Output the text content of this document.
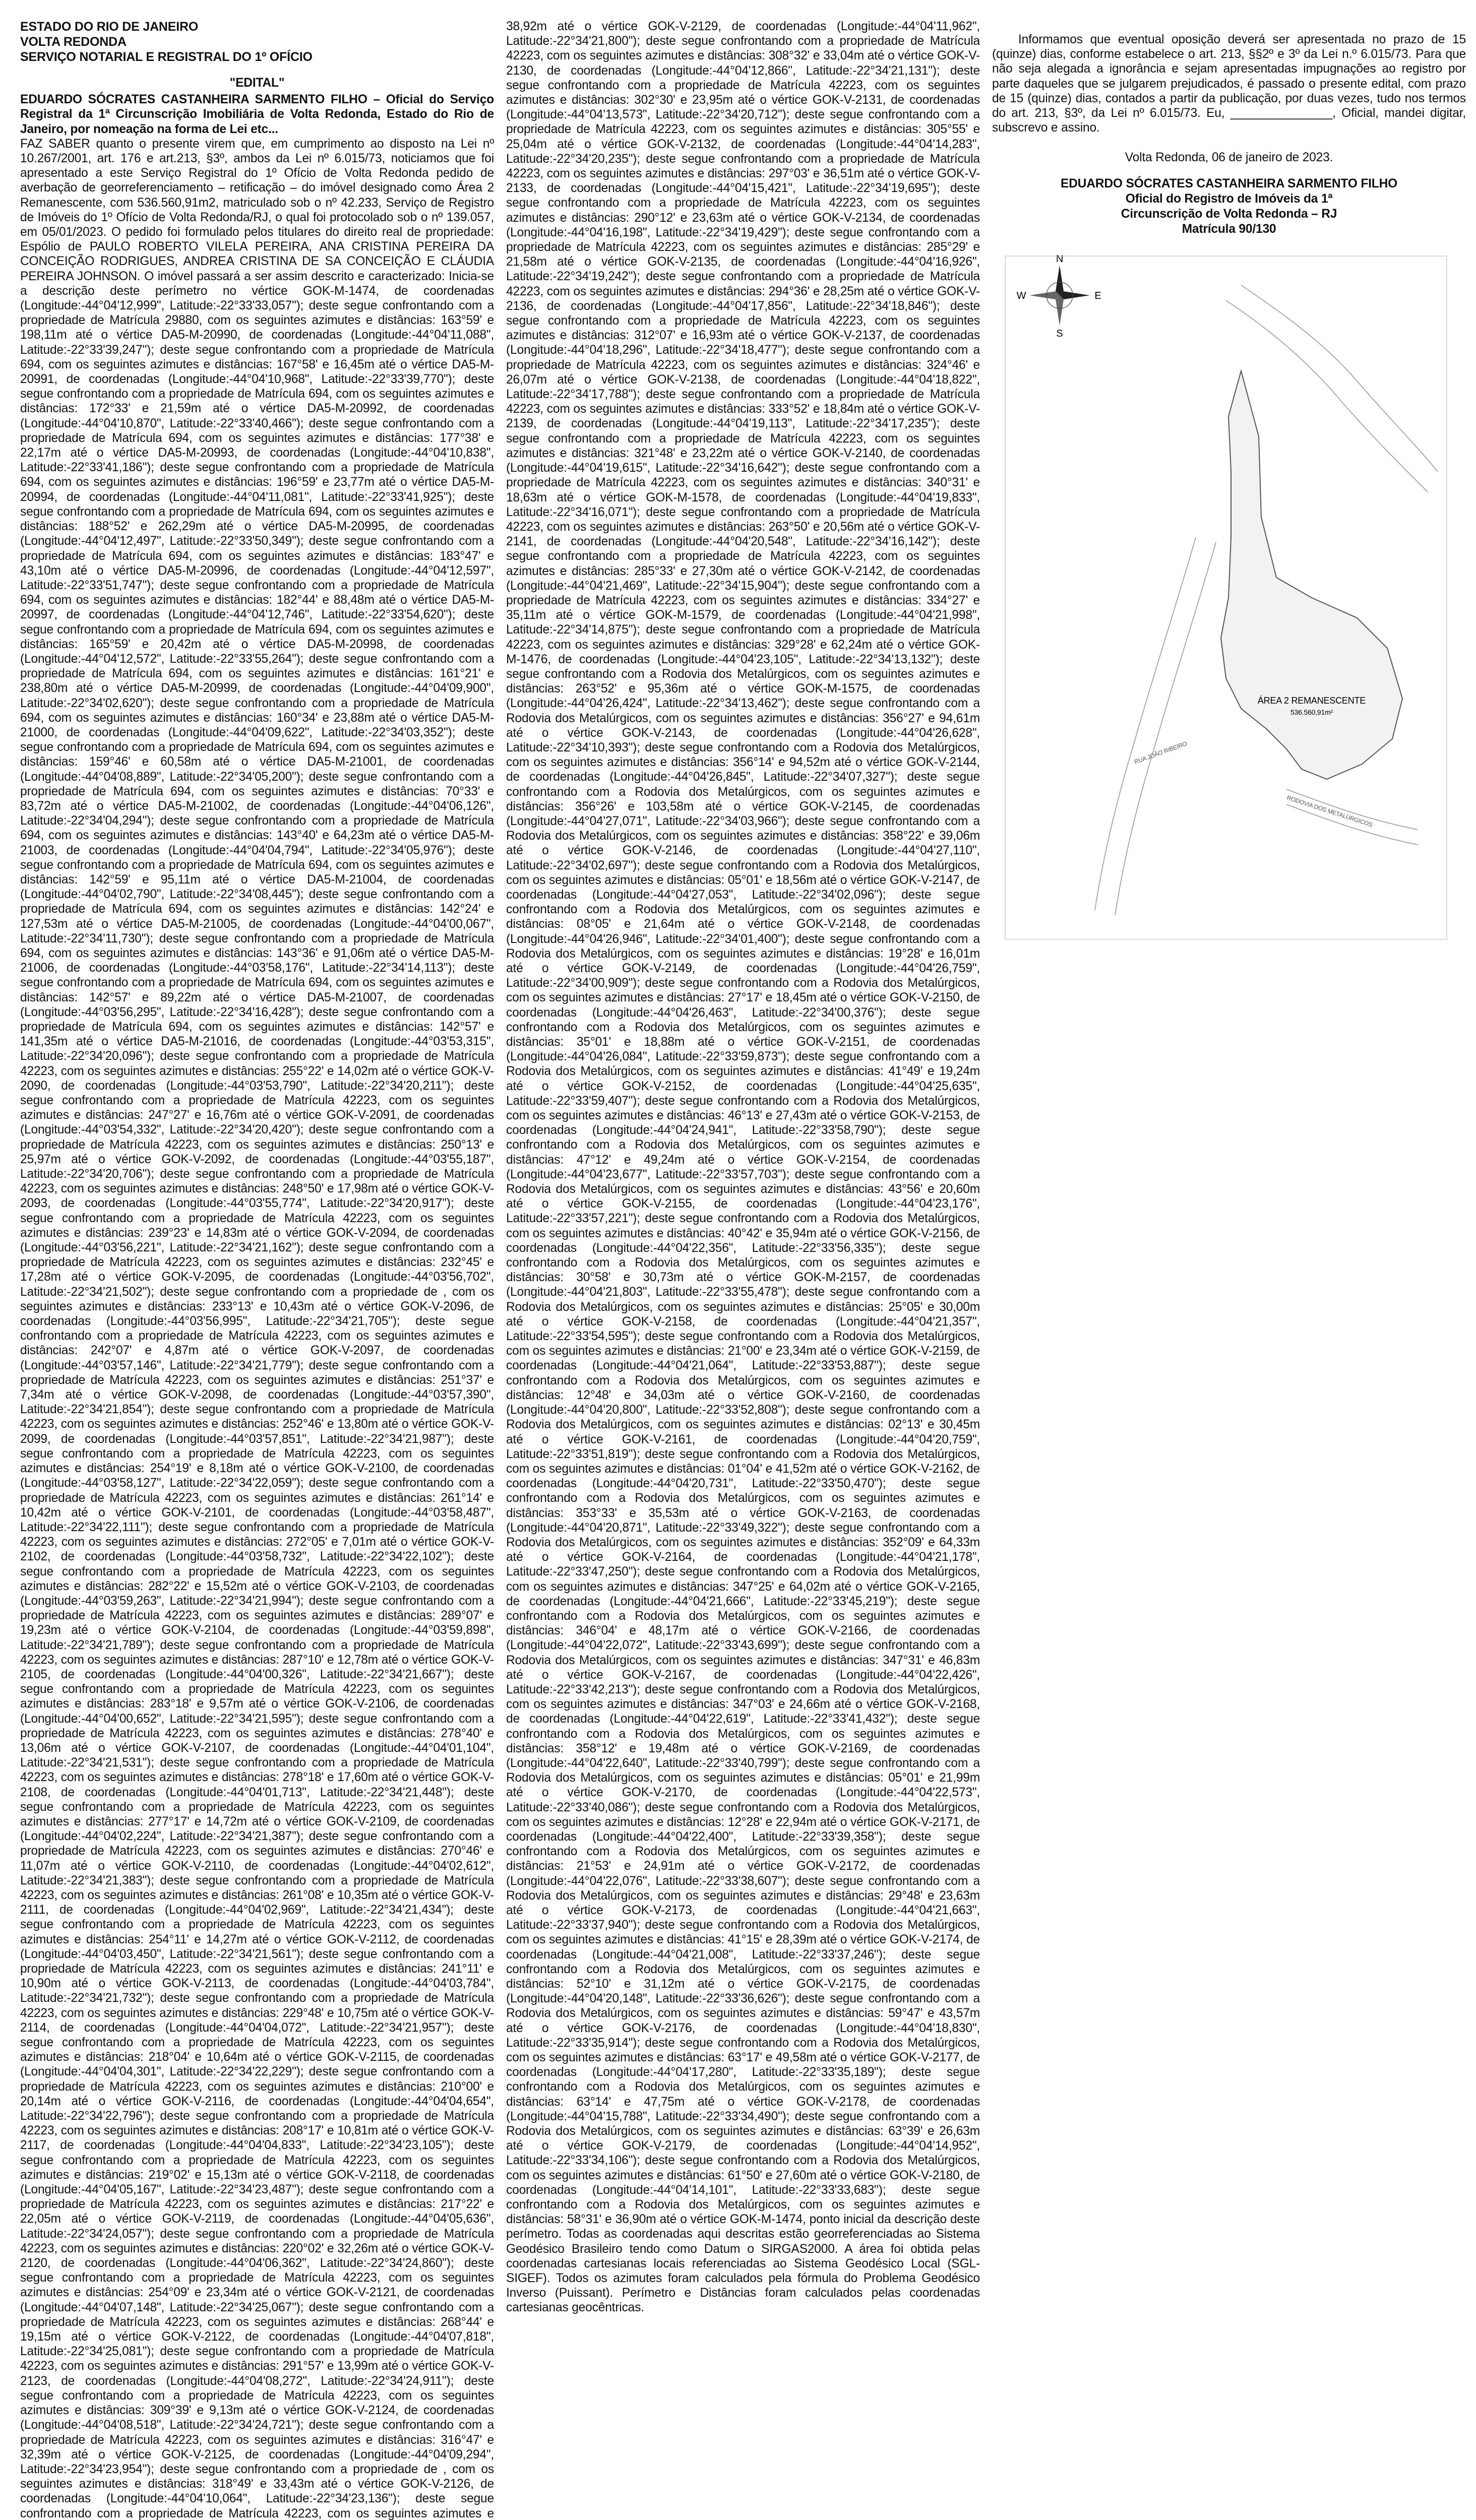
ESTADO DO RIO DE JANEIRO
VOLTA REDONDA
SERVIÇO NOTARIAL E REGISTRAL DO 1º OFÍCIO
"EDITAL"

EDUARDO SÓCRATES CASTANHEIRA SARMENTO FILHO – Oficial do Serviço Registral da 1ª Circunscrição Imobiliária de Volta Redonda, Estado do Rio de Janeiro, por nomeação na forma de Lei etc...

FAZ SABER quanto o presente virem que, em cumprimento ao disposto na Lei nº 10.267/2001, art. 176 e art.213, §3º, ambos da Lei nº 6.015/73, noticiamos que foi apresentado a este Serviço Registral do 1º Ofício de Volta Redonda pedido de averbação de georreferenciamento – retificação – do imóvel designado como Área 2 Remanescente, com 536.560,91m2, matriculado sob o nº 42.233, Serviço de Registro de Imóveis do 1º Ofício de Volta Redonda/RJ, o qual foi protocolado sob o nº 139.057, em 05/01/2023. O pedido foi formulado pelos titulares do direito real de propriedade: Espólio de PAULO ROBERTO VILELA PEREIRA, ANA CRISTINA PEREIRA DA CONCEIÇÃO RODRIGUES, ANDREA CRISTINA DE SA CONCEIÇÃO E CLÁUDIA PEREIRA JOHNSON. O imóvel passará a ser assim descrito e caracterizado: Inicia-se a descrição deste perímetro no vértice GOK-M-1474, de coordenadas (Longitude:-44°04'12,999", Latitude:-22°33'33,057"); deste segue confrontando com a propriedade de Matrícula 29880, com os seguintes azimutes e distâncias: 163°59' e 198,11m até o vértice DA5-M-20990, de coordenadas (Longitude:-44°04'11,088", Latitude:-22°33'39,247"); deste segue confrontando com a propriedade de Matrícula 694, com os seguintes azimutes e distâncias: 167°58' e 16,45m até o vértice DA5-M-20991, de coordenadas (Longitude:-44°04'10,968", Latitude:-22°33'39,770"); deste segue confrontando com a propriedade de Matrícula 694, com os seguintes azimutes e distâncias: 172°33' e 21,59m até o vértice DA5-M-20992, de coordenadas (Longitude:-44°04'10,870", Latitude:-22°33'40,466"); deste segue confrontando com a propriedade de Matrícula 694, com os seguintes azimutes e distâncias: 177°38' e 22,17m até o vértice DA5-M-20993, de coordenadas (Longitude:-44°04'10,838", Latitude:-22°33'41,186"); deste segue confrontando com a propriedade de Matrícula 694, com os seguintes azimutes e distâncias: 196°59' e 23,77m até o vértice DA5-M-20994, de coordenadas (Longitude:-44°04'11,081", Latitude:-22°33'41,925"); deste segue confrontando com a propriedade de Matrícula 694, com os seguintes azimutes e distâncias: 188°52' e 262,29m até o vértice DA5-M-20995, de coordenadas (Longitude:-44°04'12,497", Latitude:-22°33'50,349"); deste segue confrontando com a propriedade de Matrícula 694, com os seguintes azimutes e distâncias: 183°47' e 43,10m até o vértice DA5-M-20996, de coordenadas (Longitude:-44°04'12,597", Latitude:-22°33'51,747"); deste segue confrontando com a propriedade de Matrícula 694, com os seguintes azimutes e distâncias: 182°44' e 88,48m até o vértice DA5-M-20997, de coordenadas (Longitude:-44°04'12,746", Latitude:-22°33'54,620"); deste segue confrontando com a propriedade de Matrícula 694, com os seguintes azimutes e distâncias: 165°59' e 20,42m até o vértice DA5-M-20998, de coordenadas (Longitude:-44°04'12,572", Latitude:-22°33'55,264"); deste segue confrontando com a propriedade de Matrícula 694, com os seguintes azimutes e distâncias: 161°21' e 238,80m até o vértice DA5-M-20999, de coordenadas (Longitude:-44°04'09,900", Latitude:-22°34'02,620"); deste segue confrontando com a propriedade de Matrícula 694, com os seguintes azimutes e distâncias: 160°34' e 23,88m até o vértice DA5-M-21000, de coordenadas (Longitude:-44°04'09,622", Latitude:-22°34'03,352"); deste segue confrontando com a propriedade de Matrícula 694, com os seguintes azimutes e distâncias: 159°46' e 60,58m até o vértice DA5-M-21001, de coordenadas (Longitude:-44°04'08,889", Latitude:-22°34'05,200"); deste segue confrontando com a propriedade de Matrícula 694, com os seguintes azimutes e distâncias: 70°33' e 83,72m até o vértice DA5-M-21002, de coordenadas (Longitude:-44°04'06,126", Latitude:-22°34'04,294"); deste segue confrontando com a propriedade de Matrícula 694, com os seguintes azimutes e distâncias: 143°40' e 64,23m até o vértice DA5-M-21003, de coordenadas (Longitude:-44°04'04,794", Latitude:-22°34'05,976"); deste segue confrontando com a propriedade de Matrícula 694, com os seguintes azimutes e distâncias: 142°59' e 95,11m até o vértice DA5-M-21004, de coordenadas (Longitude:-44°04'02,790", Latitude:-22°34'08,445"); deste segue confrontando com a propriedade de Matrícula 694, com os seguintes azimutes e distâncias: 142°24' e 127,53m até o vértice DA5-M-21005, de coordenadas (Longitude:-44°04'00,067", Latitude:-22°34'11,730"); deste segue confrontando com a propriedade de Matrícula 694, com os seguintes azimutes e distâncias: 143°36' e 91,06m até o vértice DA5-M-21006, de coordenadas (Longitude:-44°03'58,176", Latitude:-22°34'14,113"); deste segue confrontando com a propriedade de Matrícula 694, com os seguintes azimutes e distâncias: 142°57' e 89,22m até o vértice DA5-M-21007, de coordenadas (Longitude:-44°03'56,295", Latitude:-22°34'16,428"); deste segue confrontando com a propriedade de Matrícula 694, com os seguintes azimutes e distâncias: 142°57' e 141,35m até o vértice DA5-M-21016, de coordenadas (Longitude:-44°03'53,315", Latitude:-22°34'20,096"); deste segue confrontando com a propriedade de Matrícula 42223, com os seguintes azimutes e distâncias: 255°22' e 14,02m até o vértice GOK-V-2090, de coordenadas (Longitude:-44°03'53,790", Latitude:-22°34'20,211"); deste segue confrontando com a propriedade de Matrícula 42223, com os seguintes azimutes e distâncias: 247°27' e 16,76m até o vértice GOK-V-2091, de coordenadas (Longitude:-44°03'54,332", Latitude:-22°34'20,420"); deste segue confrontando com a propriedade de Matrícula 42223, com os seguintes azimutes e distâncias: 250°13' e 25,97m até o vértice GOK-V-2092, de coordenadas (Longitude:-44°03'55,187", Latitude:-22°34'20,706"); deste segue confrontando com a propriedade de Matrícula 42223, com os seguintes azimutes e distâncias: 248°50' e 17,98m até o vértice GOK-V-2093, de coordenadas (Longitude:-44°03'55,774", Latitude:-22°34'20,917"); deste segue confrontando com a propriedade de Matrícula 42223, com os seguintes azimutes e distâncias: 239°23' e 14,83m até o vértice GOK-V-2094, de coordenadas (Longitude:-44°03'56,221", Latitude:-22°34'21,162"); deste segue confrontando com a propriedade de Matrícula 42223, com os seguintes azimutes e distâncias: 232°45' e 17,28m até o vértice GOK-V-2095, de coordenadas (Longitude:-44°03'56,702", Latitude:-22°34'21,502"); deste segue confrontando com a propriedade de , com os seguintes azimutes e distâncias: 233°13' e 10,43m até o vértice GOK-V-2096, de coordenadas (Longitude:-44°03'56,995", Latitude:-22°34'21,705"); deste segue confrontando com a propriedade de Matrícula 42223, com os seguintes azimutes e distâncias: 242°07' e 4,87m até o vértice GOK-V-2097, de coordenadas (Longitude:-44°03'57,146", Latitude:-22°34'21,779"); deste segue confrontando com a propriedade de Matrícula 42223, com os seguintes azimutes e distâncias: 251°37' e 7,34m até o vértice GOK-V-2098, de coordenadas (Longitude:-44°03'57,390", Latitude:-22°34'21,854"); deste segue confrontando com a propriedade de Matrícula 42223, com os seguintes azimutes e distâncias: 252°46' e 13,80m até o vértice GOK-V-2099, de coordenadas (Longitude:-44°03'57,851", Latitude:-22°34'21,987"); deste segue confrontando com a propriedade de Matrícula 42223, com os seguintes azimutes e distâncias: 254°19' e 8,18m até o vértice GOK-V-2100, de coordenadas (Longitude:-44°03'58,127", Latitude:-22°34'22,059"); deste segue confrontando com a propriedade de Matrícula 42223, com os seguintes azimutes e distâncias: 261°14' e 10,42m até o vértice GOK-V-2101, de coordenadas (Longitude:-44°03'58,487", Latitude:-22°34'22,111"); deste segue confrontando com a propriedade de Matrícula 42223, com os seguintes azimutes e distâncias: 272°05' e 7,01m até o vértice GOK-V-2102, de coordenadas (Longitude:-44°03'58,732", Latitude:-22°34'22,102"); deste segue confrontando com a propriedade de Matrícula 42223, com os seguintes azimutes e distâncias: 282°22' e 15,52m até o vértice GOK-V-2103, de coordenadas (Longitude:-44°03'59,263", Latitude:-22°34'21,994"); deste segue confrontando com a propriedade de Matrícula 42223, com os seguintes azimutes e distâncias: 289°07' e 19,23m até o vértice GOK-V-2104, de coordenadas (Longitude:-44°03'59,898", Latitude:-22°34'21,789"); deste segue confrontando com a propriedade de Matrícula 42223, com os seguintes azimutes e distâncias: 287°10' e 12,78m até o vértice GOK-V-2105, de coordenadas (Longitude:-44°04'00,326", Latitude:-22°34'21,667"); deste segue confrontando com a propriedade de Matrícula 42223, com os seguintes azimutes e distâncias: 283°18' e 9,57m até o vértice GOK-V-2106, de coordenadas (Longitude:-44°04'00,652", Latitude:-22°34'21,595"); deste segue confrontando com a propriedade de Matrícula 42223, com os seguintes azimutes e distâncias: 278°40' e 13,06m até o vértice GOK-V-2107, de coordenadas (Longitude:-44°04'01,104", Latitude:-22°34'21,531"); deste segue confrontando com a propriedade de Matrícula 42223, com os seguintes azimutes e distâncias: 278°18' e 17,60m até o vértice GOK-V-2108, de coordenadas (Longitude:-44°04'01,713", Latitude:-22°34'21,448"); deste segue confrontando com a propriedade de Matrícula 42223, com os seguintes azimutes e distâncias: 277°17' e 14,72m até o vértice GOK-V-2109, de coordenadas (Longitude:-44°04'02,224", Latitude:-22°34'21,387"); deste segue confrontando com a propriedade de Matrícula 42223, com os seguintes azimutes e distâncias: 270°46' e 11,07m até o vértice GOK-V-2110, de coordenadas (Longitude:-44°04'02,612", Latitude:-22°34'21,383"); deste segue confrontando com a propriedade de Matrícula 42223, com os seguintes azimutes e distâncias: 261°08' e 10,35m até o vértice GOK-V-2111, de coordenadas (Longitude:-44°04'02,969", Latitude:-22°34'21,434"); deste segue confrontando com a propriedade de Matrícula 42223, com os seguintes azimutes e distâncias: 254°11' e 14,27m até o vértice GOK-V-2112, de coordenadas (Longitude:-44°04'03,450", Latitude:-22°34'21,561"); deste segue confrontando com a propriedade de Matrícula 42223, com os seguintes azimutes e distâncias: 241°11' e 10,90m até o vértice GOK-V-2113, de coordenadas (Longitude:-44°04'03,784", Latitude:-22°34'21,732"); deste segue confrontando com a propriedade de Matrícula 42223, com os seguintes azimutes e distâncias: 229°48' e 10,75m até o vértice GOK-V-2114, de coordenadas (Longitude:-44°04'04,072", Latitude:-22°34'21,957"); deste segue confrontando com a propriedade de Matrícula 42223, com os seguintes azimutes e distâncias: 218°04' e 10,64m até o vértice GOK-V-2115, de coordenadas (Longitude:-44°04'04,301", Latitude:-22°34'22,229"); deste segue confrontando com a propriedade de Matrícula 42223, com os seguintes azimutes e distâncias: 210°00' e 20,14m até o vértice GOK-V-2116, de coordenadas (Longitude:-44°04'04,654", Latitude:-22°34'22,796"); deste segue confrontando com a propriedade de Matrícula 42223, com os seguintes azimutes e distâncias: 208°17' e 10,81m até o vértice GOK-V-2117, de coordenadas (Longitude:-44°04'04,833", Latitude:-22°34'23,105"); deste segue confrontando com a propriedade de Matrícula 42223, com os seguintes azimutes e distâncias: 219°02' e 15,13m até o vértice GOK-V-2118, de coordenadas (Longitude:-44°04'05,167", Latitude:-22°34'23,487"); deste segue confrontando com a propriedade de Matrícula 42223, com os seguintes azimutes e distâncias: 217°22' e 22,05m até o vértice GOK-V-2119, de coordenadas (Longitude:-44°04'05,636", Latitude:-22°34'24,057"); deste segue confrontando com a propriedade de Matrícula 42223, com os seguintes azimutes e distâncias: 220°02' e 32,26m até o vértice GOK-V-2120, de coordenadas (Longitude:-44°04'06,362", Latitude:-22°34'24,860"); deste segue confrontando com a propriedade de Matrícula 42223, com os seguintes azimutes e distâncias: 254°09' e 23,34m até o vértice GOK-V-2121, de coordenadas (Longitude:-44°04'07,148", Latitude:-22°34'25,067"); deste segue confrontando com a propriedade de Matrícula 42223, com os seguintes azimutes e distâncias: 268°44' e 19,15m até o vértice GOK-V-2122, de coordenadas (Longitude:-44°04'07,818", Latitude:-22°34'25,081"); deste segue confrontando com a propriedade de Matrícula 42223, com os seguintes azimutes e distâncias: 291°57' e 13,99m até o vértice GOK-V-2123, de coordenadas (Longitude:-44°04'08,272", Latitude:-22°34'24,911"); deste segue confrontando com a propriedade de Matrícula 42223, com os seguintes azimutes e distâncias: 309°39' e 9,13m até o vértice GOK-V-2124, de coordenadas (Longitude:-44°04'08,518", Latitude:-22°34'24,721"); deste segue confrontando com a propriedade de Matrícula 42223, com os seguintes azimutes e distâncias: 316°47' e 32,39m até o vértice GOK-V-2125, de coordenadas (Longitude:-44°04'09,294", Latitude:-22°34'23,954"); deste segue confrontando com a propriedade de , com os seguintes azimutes e distâncias: 318°49' e 33,43m até o vértice GOK-V-2126, de coordenadas (Longitude:-44°04'10,064", Latitude:-22°34'23,136"); deste segue confrontando com a propriedade de Matrícula 42223, com os seguintes azimutes e

38,92m até o vértice GOK-V-2129, de coordenadas (Longitude:-44°04'11,962", Latitude:-22°34'21,800"); deste segue confrontando com a propriedade de Matrícula 42223, com os seguintes azimutes e distâncias: 308°32' e 33,04m até o vértice GOK-V-2130, de coordenadas (Longitude:-44°04'12,866", Latitude:-22°34'21,131"); deste segue confrontando com a propriedade de Matrícula 42223, com os seguintes azimutes e distâncias: 302°30' e 23,95m até o vértice GOK-V-2131, de coordenadas (Longitude:-44°04'13,573", Latitude:-22°34'20,712"); deste segue confrontando com a propriedade de Matrícula 42223, com os seguintes azimutes e distâncias: 305°55' e 25,04m até o vértice GOK-V-2132, de coordenadas (Longitude:-44°04'14,283", Latitude:-22°34'20,235"); deste segue confrontando com a propriedade de Matrícula 42223, com os seguintes azimutes e distâncias: 297°03' e 36,51m até o vértice GOK-V-2133, de coordenadas (Longitude:-44°04'15,421", Latitude:-22°34'19,695"); deste segue confrontando com a propriedade de Matrícula 42223, com os seguintes azimutes e distâncias: 290°12' e 23,63m até o vértice GOK-V-2134, de coordenadas (Longitude:-44°04'16,198", Latitude:-22°34'19,429"); deste segue confrontando com a propriedade de Matrícula 42223, com os seguintes azimutes e distâncias: 285°29' e 21,58m até o vértice GOK-V-2135, de coordenadas (Longitude:-44°04'16,926", Latitude:-22°34'19,242"); deste segue confrontando com a propriedade de Matrícula 42223, com os seguintes azimutes e distâncias: 294°36' e 28,25m até o vértice GOK-V-2136, de coordenadas (Longitude:-44°04'17,856", Latitude:-22°34'18,846"); deste segue confrontando com a propriedade de Matrícula 42223, com os seguintes azimutes e distâncias: 312°07' e 16,93m até o vértice GOK-V-2137, de coordenadas (Longitude:-44°04'18,296", Latitude:-22°34'18,477"); deste segue confrontando com a propriedade de Matrícula 42223, com os seguintes azimutes e distâncias: 324°46' e 26,07m até o vértice GOK-V-2138, de coordenadas (Longitude:-44°04'18,822", Latitude:-22°34'17,788"); deste segue confrontando com a propriedade de Matrícula 42223, com os seguintes azimutes e distâncias: 333°52' e 18,84m até o vértice GOK-V-2139, de coordenadas (Longitude:-44°04'19,113", Latitude:-22°34'17,235"); deste segue confrontando com a propriedade de Matrícula 42223, com os seguintes azimutes e distâncias: 321°48' e 23,22m até o vértice GOK-V-2140, de coordenadas (Longitude:-44°04'19,615", Latitude:-22°34'16,642"); deste segue confrontando com a propriedade de Matrícula 42223, com os seguintes azimutes e distâncias: 340°31' e 18,63m até o vértice GOK-M-1578, de coordenadas (Longitude:-44°04'19,833", Latitude:-22°34'16,071"); deste segue confrontando com a propriedade de Matrícula 42223, com os seguintes azimutes e distâncias: 263°50' e 20,56m até o vértice GOK-V-2141, de coordenadas (Longitude:-44°04'20,548", Latitude:-22°34'16,142"); deste segue confrontando com a propriedade de Matrícula 42223, com os seguintes azimutes e distâncias: 285°33' e 27,30m até o vértice GOK-V-2142, de coordenadas (Longitude:-44°04'21,469", Latitude:-22°34'15,904"); deste segue confrontando com a propriedade de Matrícula 42223, com os seguintes azimutes e distâncias: 334°27' e 35,11m até o vértice GOK-M-1579, de coordenadas (Longitude:-44°04'21,998", Latitude:-22°34'14,875"); deste segue confrontando com a propriedade de Matrícula 42223, com os seguintes azimutes e distâncias: 329°28' e 62,24m até o vértice GOK-M-1476, de coordenadas (Longitude:-44°04'23,105", Latitude:-22°34'13,132"); deste segue confrontando com a Rodovia dos Metalúrgicos, com os seguintes azimutes e distâncias: 263°52' e 95,36m até o vértice GOK-M-1575, de coordenadas (Longitude:-44°04'26,424", Latitude:-22°34'13,462"); deste segue confrontando com a Rodovia dos Metalúrgicos, com os seguintes azimutes e distâncias: 356°27' e 94,61m até o vértice GOK-V-2143, de coordenadas (Longitude:-44°04'26,628", Latitude:-22°34'10,393"); deste segue confrontando com a Rodovia dos Metalúrgicos, com os seguintes azimutes e distâncias: 356°14' e 94,52m até o vértice GOK-V-2144, de coordenadas (Longitude:-44°04'26,845", Latitude:-22°34'07,327"); deste segue confrontando com a Rodovia dos Metalúrgicos, com os seguintes azimutes e distâncias: 356°26' e 103,58m até o vértice GOK-V-2145, de coordenadas (Longitude:-44°04'27,071", Latitude:-22°34'03,966"); deste segue confrontando com a Rodovia dos Metalúrgicos, com os seguintes azimutes e distâncias: 358°22' e 39,06m até o vértice GOK-V-2146, de coordenadas (Longitude:-44°04'27,110", Latitude:-22°34'02,697"); deste segue confrontando com a Rodovia dos Metalúrgicos, com os seguintes azimutes e distâncias: 05°01' e 18,56m até o vértice GOK-V-2147, de coordenadas (Longitude:-44°04'27,053", Latitude:-22°34'02,096"); deste segue confrontando com a Rodovia dos Metalúrgicos, com os seguintes azimutes e distâncias: 08°05' e 21,64m até o vértice GOK-V-2148, de coordenadas (Longitude:-44°04'26,946", Latitude:-22°34'01,400"); deste segue confrontando com a Rodovia dos Metalúrgicos, com os seguintes azimutes e distâncias: 19°28' e 16,01m até o vértice GOK-V-2149, de coordenadas (Longitude:-44°04'26,759", Latitude:-22°34'00,909"); deste segue confrontando com a Rodovia dos Metalúrgicos, com os seguintes azimutes e distâncias: 27°17' e 18,45m até o vértice GOK-V-2150, de coordenadas (Longitude:-44°04'26,463", Latitude:-22°34'00,376"); deste segue confrontando com a Rodovia dos Metalúrgicos, com os seguintes azimutes e distâncias: 35°01' e 18,88m até o vértice GOK-V-2151, de coordenadas (Longitude:-44°04'26,084", Latitude:-22°33'59,873"); deste segue confrontando com a Rodovia dos Metalúrgicos, com os seguintes azimutes e distâncias: 41°49' e 19,24m até o vértice GOK-V-2152, de coordenadas (Longitude:-44°04'25,635", Latitude:-22°33'59,407"); deste segue confrontando com a Rodovia dos Metalúrgicos, com os seguintes azimutes e distâncias: 46°13' e 27,43m até o vértice GOK-V-2153, de coordenadas (Longitude:-44°04'24,941", Latitude:-22°33'58,790"); deste segue confrontando com a Rodovia dos Metalúrgicos, com os seguintes azimutes e distâncias: 47°12' e 49,24m até o vértice GOK-V-2154, de coordenadas (Longitude:-44°04'23,677", Latitude:-22°33'57,703"); deste segue confrontando com a Rodovia dos Metalúrgicos, com os seguintes azimutes e distâncias: 43°56' e 20,60m até o vértice GOK-V-2155, de coordenadas (Longitude:-44°04'23,176", Latitude:-22°33'57,221"); deste segue confrontando com a Rodovia dos Metalúrgicos, com os seguintes azimutes e distâncias: 40°42' e 35,94m até o vértice GOK-V-2156, de coordenadas (Longitude:-44°04'22,356", Latitude:-22°33'56,335"); deste segue confrontando com a Rodovia dos Metalúrgicos, com os seguintes azimutes e distâncias: 30°58' e 30,73m até o vértice GOK-M-2157, de coordenadas (Longitude:-44°04'21,803", Latitude:-22°33'55,478"); deste segue confrontando com a Rodovia dos Metalúrgicos, com os seguintes azimutes e distâncias: 25°05' e 30,00m até o vértice GOK-V-2158, de coordenadas (Longitude:-44°04'21,357", Latitude:-22°33'54,595"); deste segue confrontando com a Rodovia dos Metalúrgicos, com os seguintes azimutes e distâncias: 21°00' e 23,34m até o vértice GOK-V-2159, de coordenadas (Longitude:-44°04'21,064", Latitude:-22°33'53,887"); deste segue confrontando com a Rodovia dos Metalúrgicos, com os seguintes azimutes e distâncias: 12°48' e 34,03m até o vértice GOK-V-2160, de coordenadas (Longitude:-44°04'20,800", Latitude:-22°33'52,808"); deste segue confrontando com a Rodovia dos Metalúrgicos, com os seguintes azimutes e distâncias: 02°13' e 30,45m até o vértice GOK-V-2161, de coordenadas (Longitude:-44°04'20,759", Latitude:-22°33'51,819"); deste segue confrontando com a Rodovia dos Metalúrgicos, com os seguintes azimutes e distâncias: 01°04' e 41,52m até o vértice GOK-V-2162, de coordenadas (Longitude:-44°04'20,731", Latitude:-22°33'50,470"); deste segue confrontando com a Rodovia dos Metalúrgicos, com os seguintes azimutes e distâncias: 353°33' e 35,53m até o vértice GOK-V-2163, de coordenadas (Longitude:-44°04'20,871", Latitude:-22°33'49,322"); deste segue confrontando com a Rodovia dos Metalúrgicos, com os seguintes azimutes e distâncias: 352°09' e 64,33m até o vértice GOK-V-2164, de coordenadas (Longitude:-44°04'21,178", Latitude:-22°33'47,250"); deste segue confrontando com a Rodovia dos Metalúrgicos, com os seguintes azimutes e distâncias: 347°25' e 64,02m até o vértice GOK-V-2165, de coordenadas (Longitude:-44°04'21,666", Latitude:-22°33'45,219"); deste segue confrontando com a Rodovia dos Metalúrgicos, com os seguintes azimutes e distâncias: 346°04' e 48,17m até o vértice GOK-V-2166, de coordenadas (Longitude:-44°04'22,072", Latitude:-22°33'43,699"); deste segue confrontando com a Rodovia dos Metalúrgicos, com os seguintes azimutes e distâncias: 347°31' e 46,83m até o vértice GOK-V-2167, de coordenadas (Longitude:-44°04'22,426", Latitude:-22°33'42,213"); deste segue confrontando com a Rodovia dos Metalúrgicos, com os seguintes azimutes e distâncias: 347°03' e 24,66m até o vértice GOK-V-2168, de coordenadas (Longitude:-44°04'22,619", Latitude:-22°33'41,432"); deste segue confrontando com a Rodovia dos Metalúrgicos, com os seguintes azimutes e distâncias: 358°12' e 19,48m até o vértice GOK-V-2169, de coordenadas (Longitude:-44°04'22,640", Latitude:-22°33'40,799"); deste segue confrontando com a Rodovia dos Metalúrgicos, com os seguintes azimutes e distâncias: 05°01' e 21,99m até o vértice GOK-V-2170, de coordenadas (Longitude:-44°04'22,573", Latitude:-22°33'40,086"); deste segue confrontando com a Rodovia dos Metalúrgicos, com os seguintes azimutes e distâncias: 12°28' e 22,94m até o vértice GOK-V-2171, de coordenadas (Longitude:-44°04'22,400", Latitude:-22°33'39,358"); deste segue confrontando com a Rodovia dos Metalúrgicos, com os seguintes azimutes e distâncias: 21°53' e 24,91m até o vértice GOK-V-2172, de coordenadas (Longitude:-44°04'22,076", Latitude:-22°33'38,607"); deste segue confrontando com a Rodovia dos Metalúrgicos, com os seguintes azimutes e distâncias: 29°48' e 23,63m até o vértice GOK-V-2173, de coordenadas (Longitude:-44°04'21,663", Latitude:-22°33'37,940"); deste segue confrontando com a Rodovia dos Metalúrgicos, com os seguintes azimutes e distâncias: 41°15' e 28,39m até o vértice GOK-V-2174, de coordenadas (Longitude:-44°04'21,008", Latitude:-22°33'37,246"); deste segue confrontando com a Rodovia dos Metalúrgicos, com os seguintes azimutes e distâncias: 52°10' e 31,12m até o vértice GOK-V-2175, de coordenadas (Longitude:-44°04'20,148", Latitude:-22°33'36,626"); deste segue confrontando com a Rodovia dos Metalúrgicos, com os seguintes azimutes e distâncias: 59°47' e 43,57m até o vértice GOK-V-2176, de coordenadas (Longitude:-44°04'18,830", Latitude:-22°33'35,914"); deste segue confrontando com a Rodovia dos Metalúrgicos, com os seguintes azimutes e distâncias: 63°17' e 49,58m até o vértice GOK-V-2177, de coordenadas (Longitude:-44°04'17,280", Latitude:-22°33'35,189"); deste segue confrontando com a Rodovia dos Metalúrgicos, com os seguintes azimutes e distâncias: 63°14' e 47,75m até o vértice GOK-V-2178, de coordenadas (Longitude:-44°04'15,788", Latitude:-22°33'34,490"); deste segue confrontando com a Rodovia dos Metalúrgicos, com os seguintes azimutes e distâncias: 63°39' e 26,63m até o vértice GOK-V-2179, de coordenadas (Longitude:-44°04'14,952", Latitude:-22°33'34,106"); deste segue confrontando com a Rodovia dos Metalúrgicos, com os seguintes azimutes e distâncias: 61°50' e 27,60m até o vértice GOK-V-2180, de coordenadas (Longitude:-44°04'14,101", Latitude:-22°33'33,683"); deste segue confrontando com a Rodovia dos Metalúrgicos, com os seguintes azimutes e distâncias: 58°31' e 36,90m até o vértice GOK-M-1474, ponto inicial da descrição deste perímetro. Todas as coordenadas aqui descritas estão georreferenciadas ao Sistema Geodésico Brasileiro tendo como Datum o SIRGAS2000. A área foi obtida pelas coordenadas cartesianas locais referenciadas ao Sistema Geodésico Local (SGL-SIGEF). Todos os azimutes foram calculados pela fórmula do Problema Geodésico Inverso (Puissant). Perímetro e Distâncias foram calculados pelas coordenadas cartesianas geocêntricas.

Informamos que eventual oposição deverá ser apresentada no prazo de 15 (quinze) dias, conforme estabelece o art. 213, §§2º e 3º da Lei n.º 6.015/73. Para que não seja alegada a ignorância e sejam apresentadas impugnações ao registro por parte daqueles que se julgarem prejudicados, é passado o presente edital, com prazo de 15 (quinze) dias, contados a partir da publicação, por duas vezes, tudo nos termos do art. 213, §3º, da Lei nº 6.015/73. Eu, _______________, Oficial, mandei digitar, subscrevo e assino.

Volta Redonda, 06 de janeiro de 2023.
EDUARDO SÓCRATES CASTANHEIRA SARMENTO FILHO
Oficial do Registro de Imóveis da 1ª
Circunscrição de Volta Redonda – RJ
Matrícula 90/130
N
S
E
W
ÁREA 2 REMANESCENTE
536.560,91m²
RUA JOÃO RIBEIRO
RODOVIA DOS METALÚRGICOS
